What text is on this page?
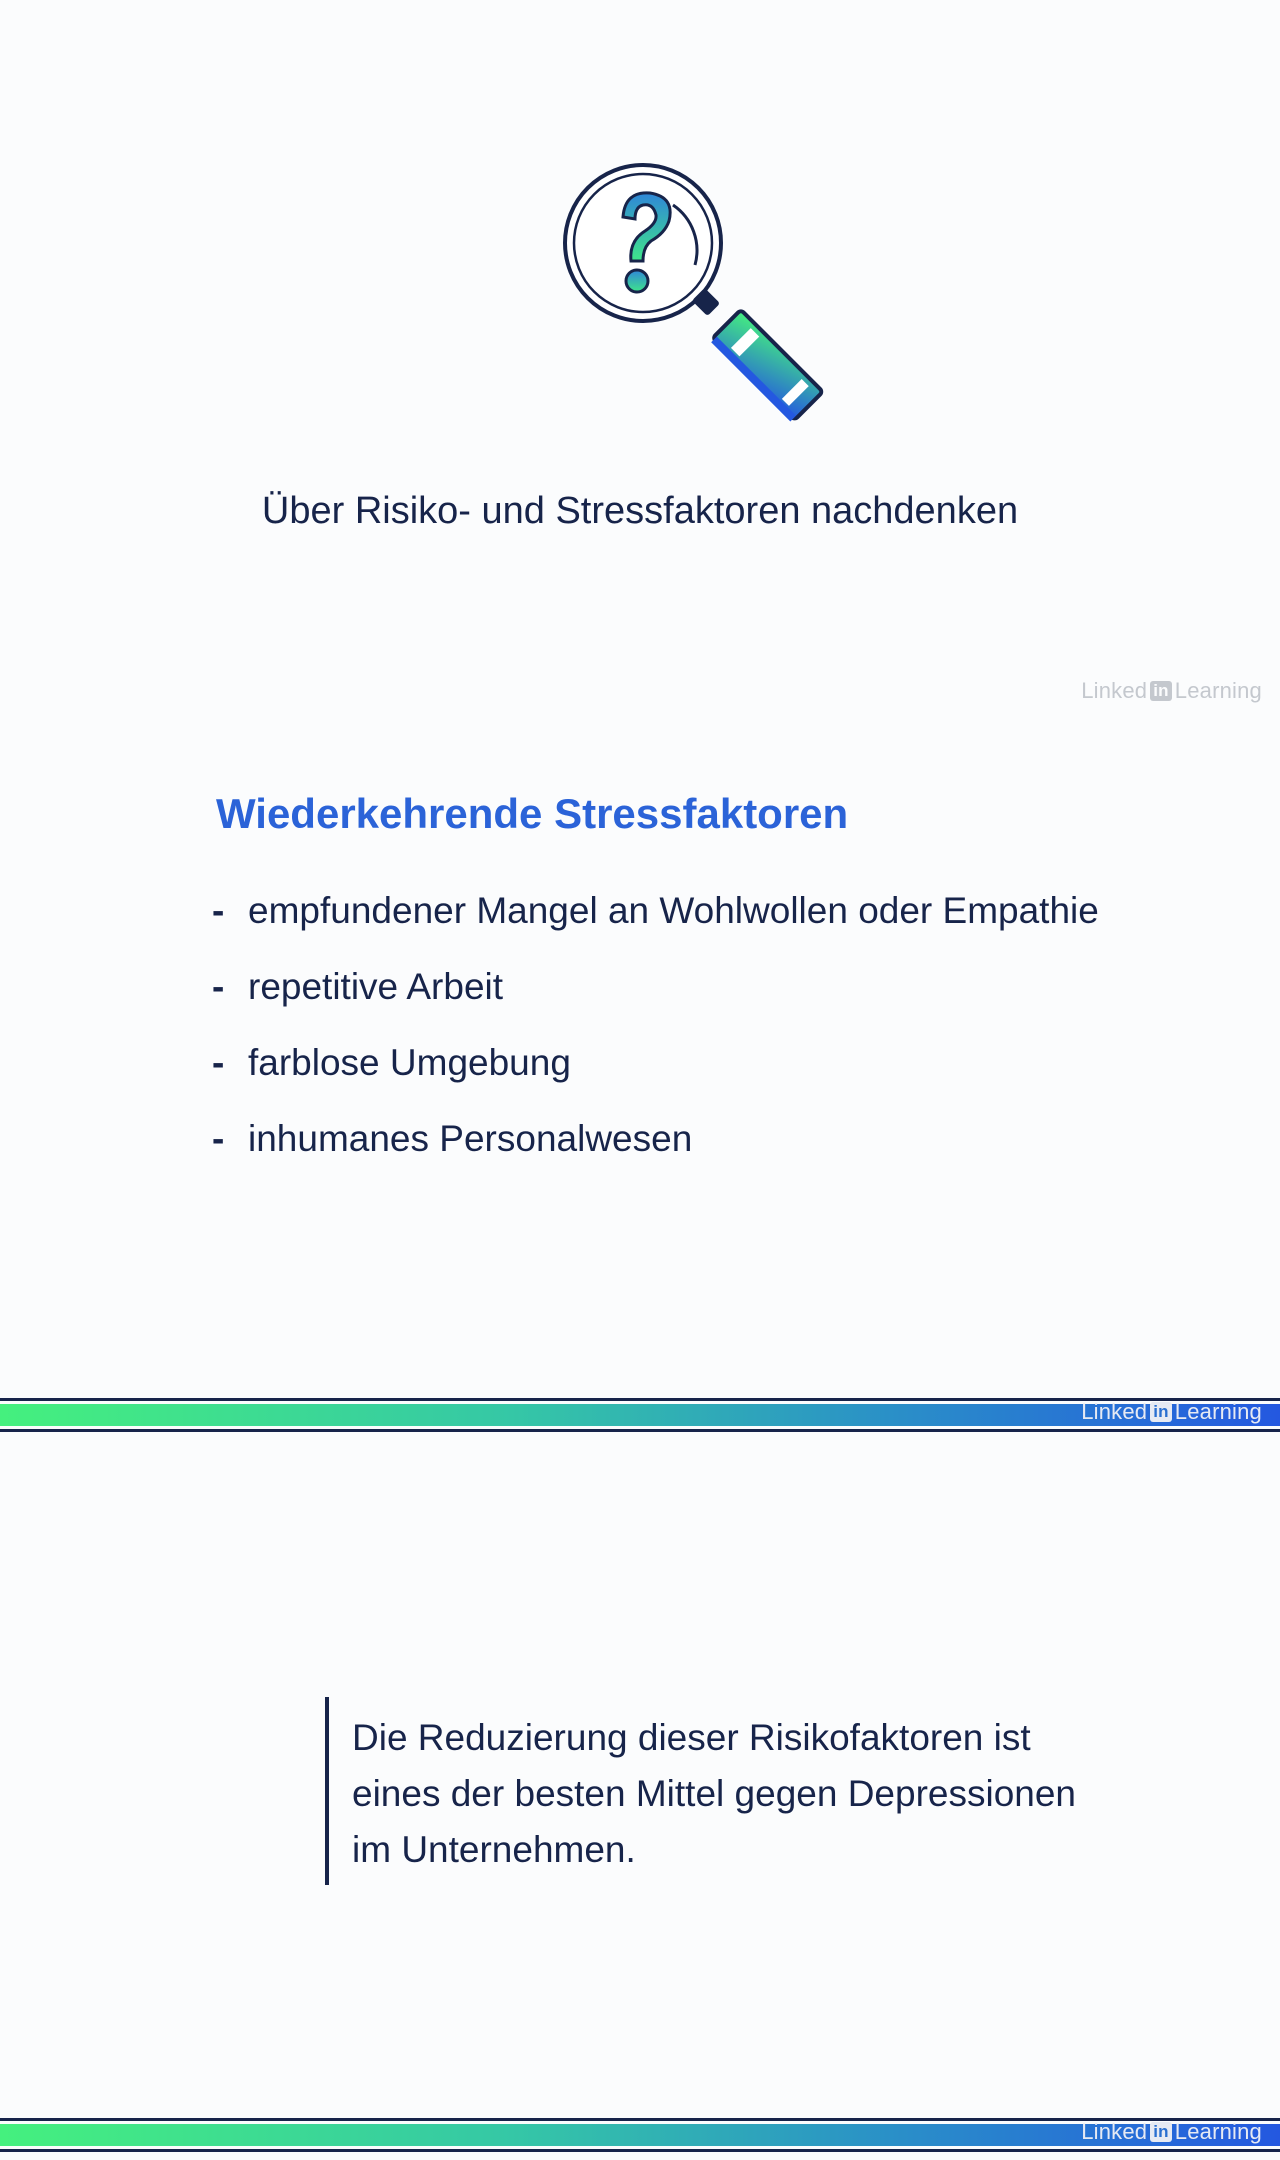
Über Risiko- und Stressfaktoren nachdenken
Linked in Learning
Wiederkehrende Stressfaktoren
- empfundener Mangel an Wohlwollen oder Empathie
- repetitive Arbeit
- farblose Umgebung
- inhumanes Personalwesen
Linked in Learning
Die Reduzierung dieser Risikofaktoren ist
eines der besten Mittel gegen Depressionen
im Unternehmen.
Linked in Learning
